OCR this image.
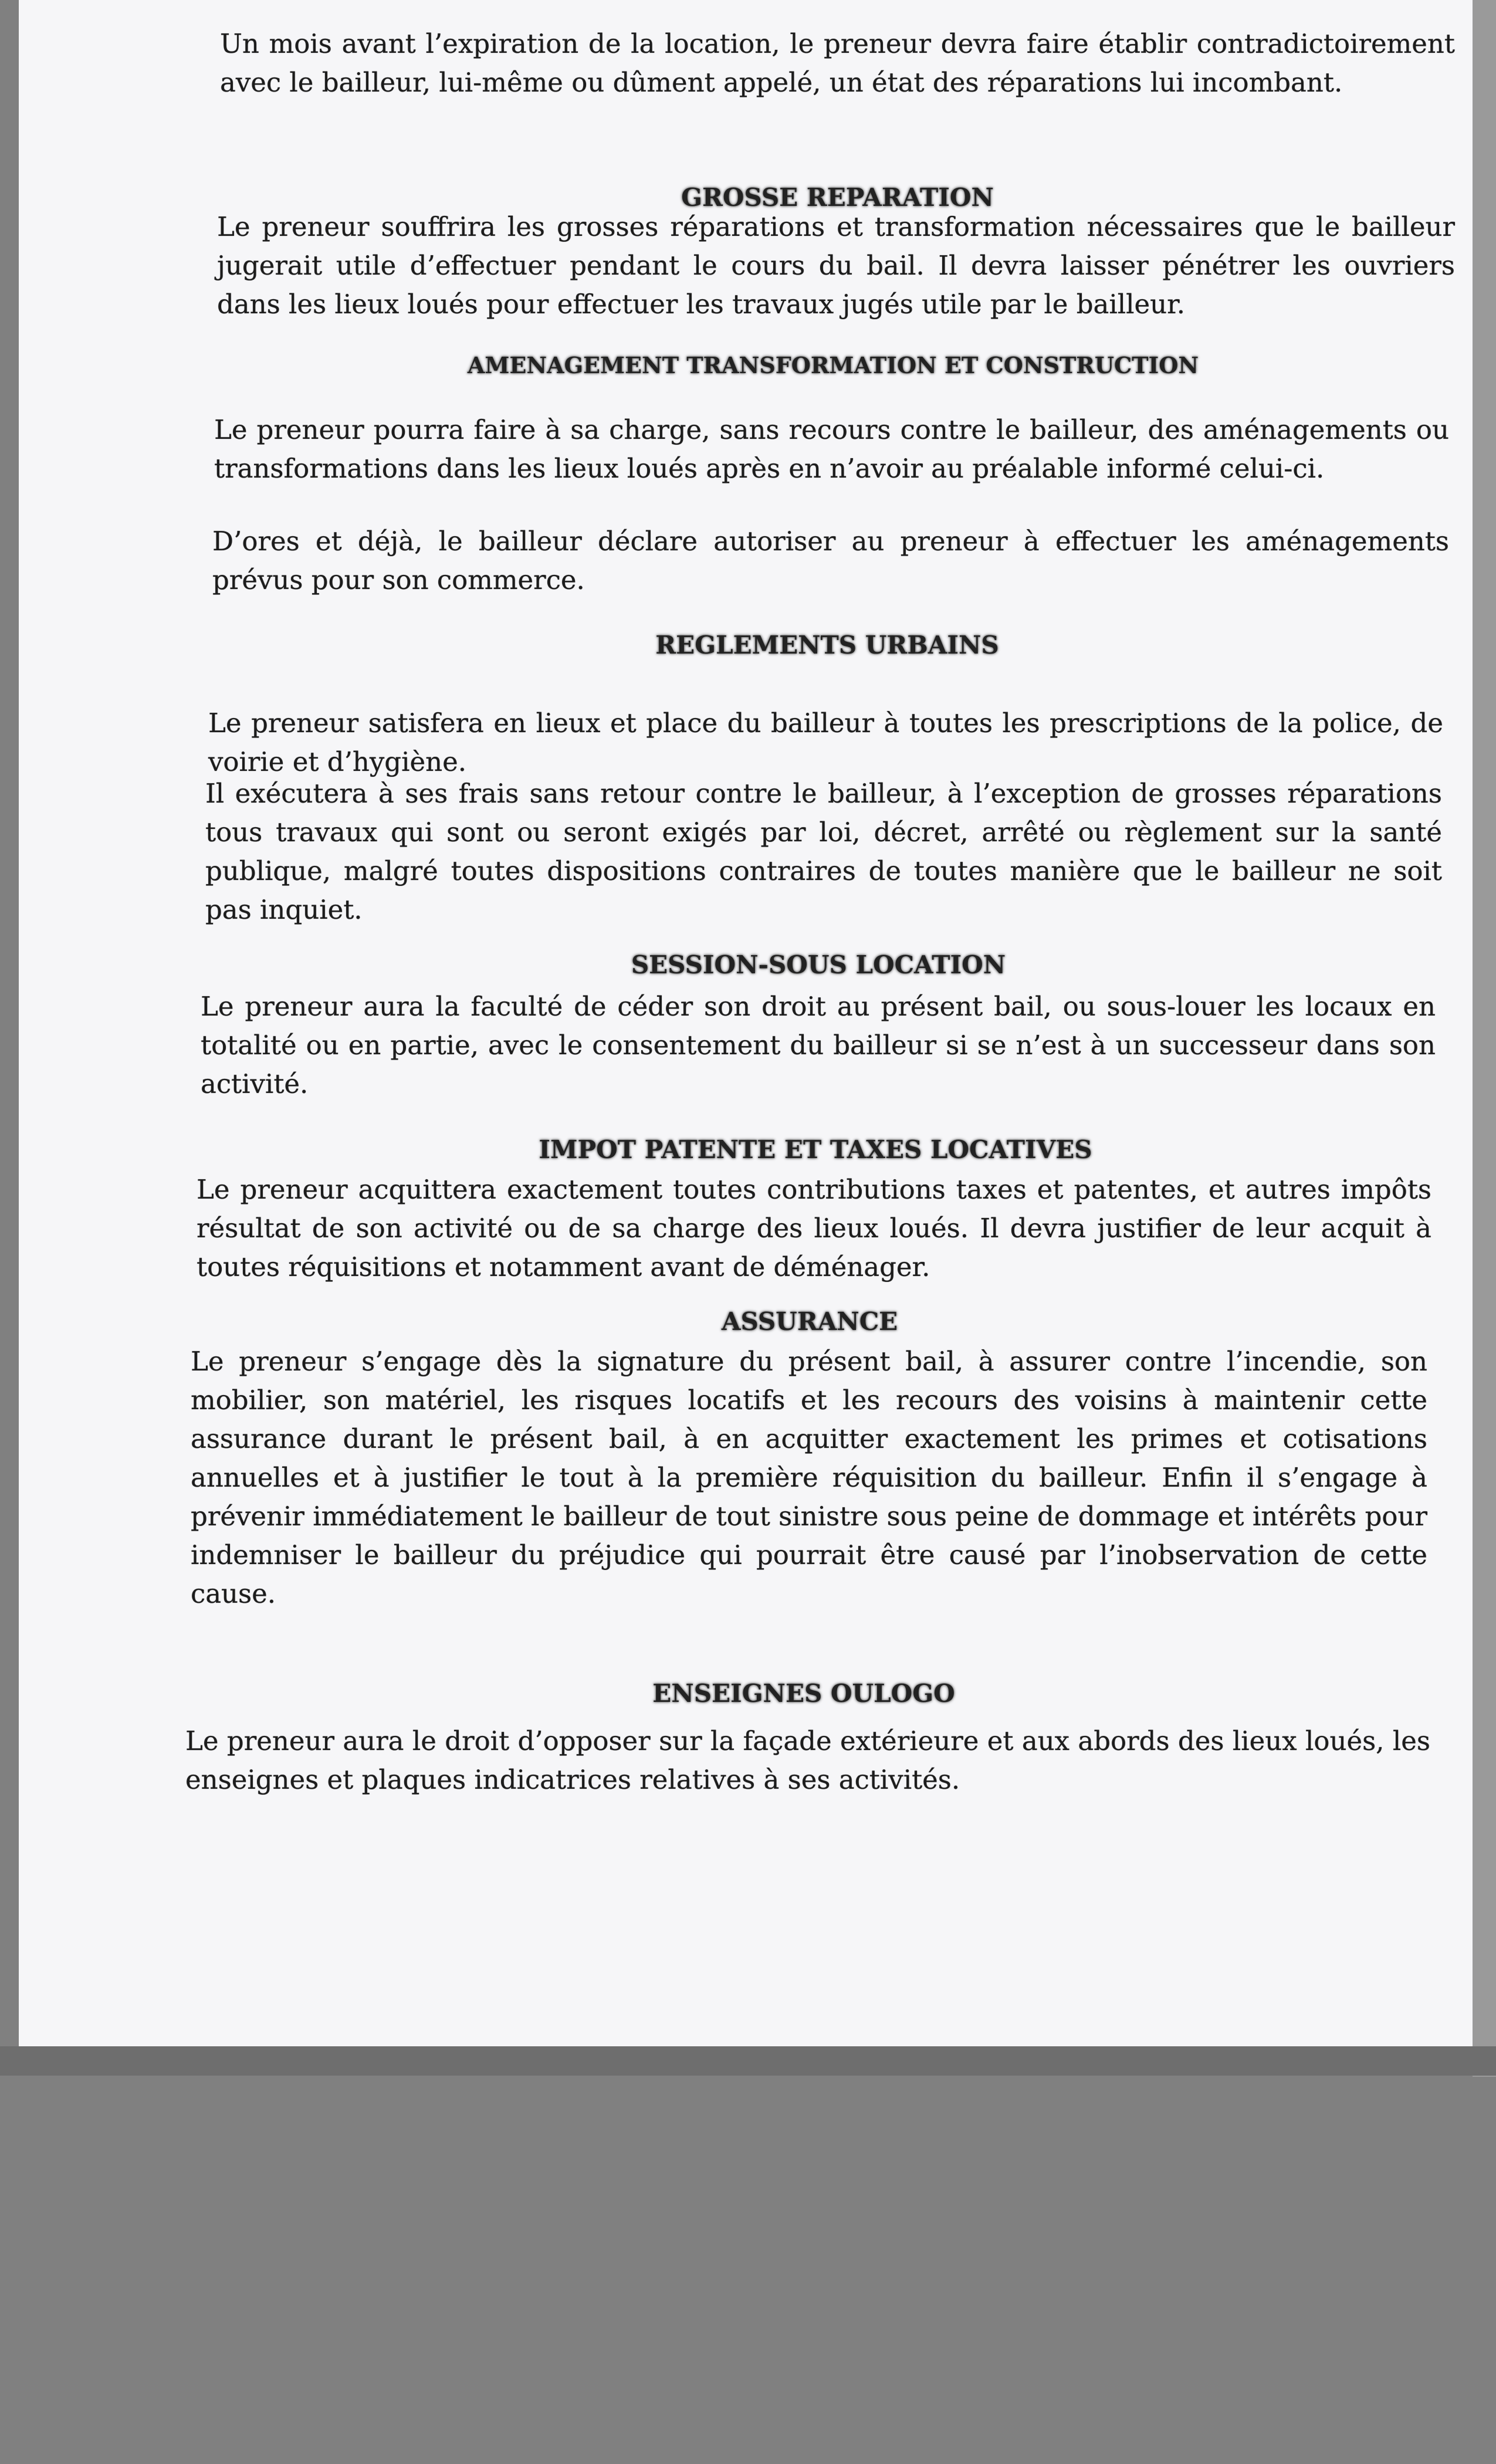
Un mois avant l’expiration de la location, le preneur devra faire établir contradictoirement avec le bailleur, lui-même ou dûment appelé, un état des réparations lui incombant.
GROSSE REPARATION
Le preneur souffrira les grosses réparations et transformation nécessaires que le bailleur jugerait utile d’effectuer pendant le cours du bail. Il devra laisser pénétrer les ouvriers dans les lieux loués pour effectuer les travaux jugés utile par le bailleur.
AMENAGEMENT TRANSFORMATION ET CONSTRUCTION
Le preneur pourra faire à sa charge, sans recours contre le bailleur, des aménagements ou transformations dans les lieux loués après en n’avoir au préalable informé celui-ci.
D’ores et déjà, le bailleur déclare autoriser au preneur à effectuer les aménagements prévus pour son commerce.
REGLEMENTS URBAINS
Le preneur satisfera en lieux et place du bailleur à toutes les prescriptions de la police, de voirie et d’hygiène.
Il exécutera à ses frais sans retour contre le bailleur, à l’exception de grosses réparations tous travaux qui sont ou seront exigés par loi, décret, arrêté ou règlement sur la santé publique, malgré toutes dispositions contraires de toutes manière que le bailleur ne soit pas inquiet.
SESSION-SOUS LOCATION
Le preneur aura la faculté de céder son droit au présent bail, ou sous-louer les locaux en totalité ou en partie, avec le consentement du bailleur si se n’est à un successeur dans son activité.
IMPOT PATENTE ET TAXES LOCATIVES
Le preneur acquittera exactement toutes contributions taxes et patentes, et autres impôts résultat de son activité ou de sa charge des lieux loués. Il devra justifier de leur acquit à toutes réquisitions et notamment avant de déménager.
ASSURANCE
Le preneur s’engage dès la signature du présent bail, à assurer contre l’incendie, son mobilier, son matériel, les risques locatifs et les recours des voisins à maintenir cette assurance durant le présent bail, à en acquitter exactement les primes et cotisations annuelles et à justifier le tout à la première réquisition du bailleur. Enfin il s’engage à prévenir immédiatement le bailleur de tout sinistre sous peine de dommage et intérêts pour indemniser le bailleur du préjudice qui pourrait être causé par l’inobservation de cette cause.
ENSEIGNES OULOGO
Le preneur aura le droit d’opposer sur la façade extérieure et aux abords des lieux loués, les enseignes et plaques indicatrices relatives à ses activités.
